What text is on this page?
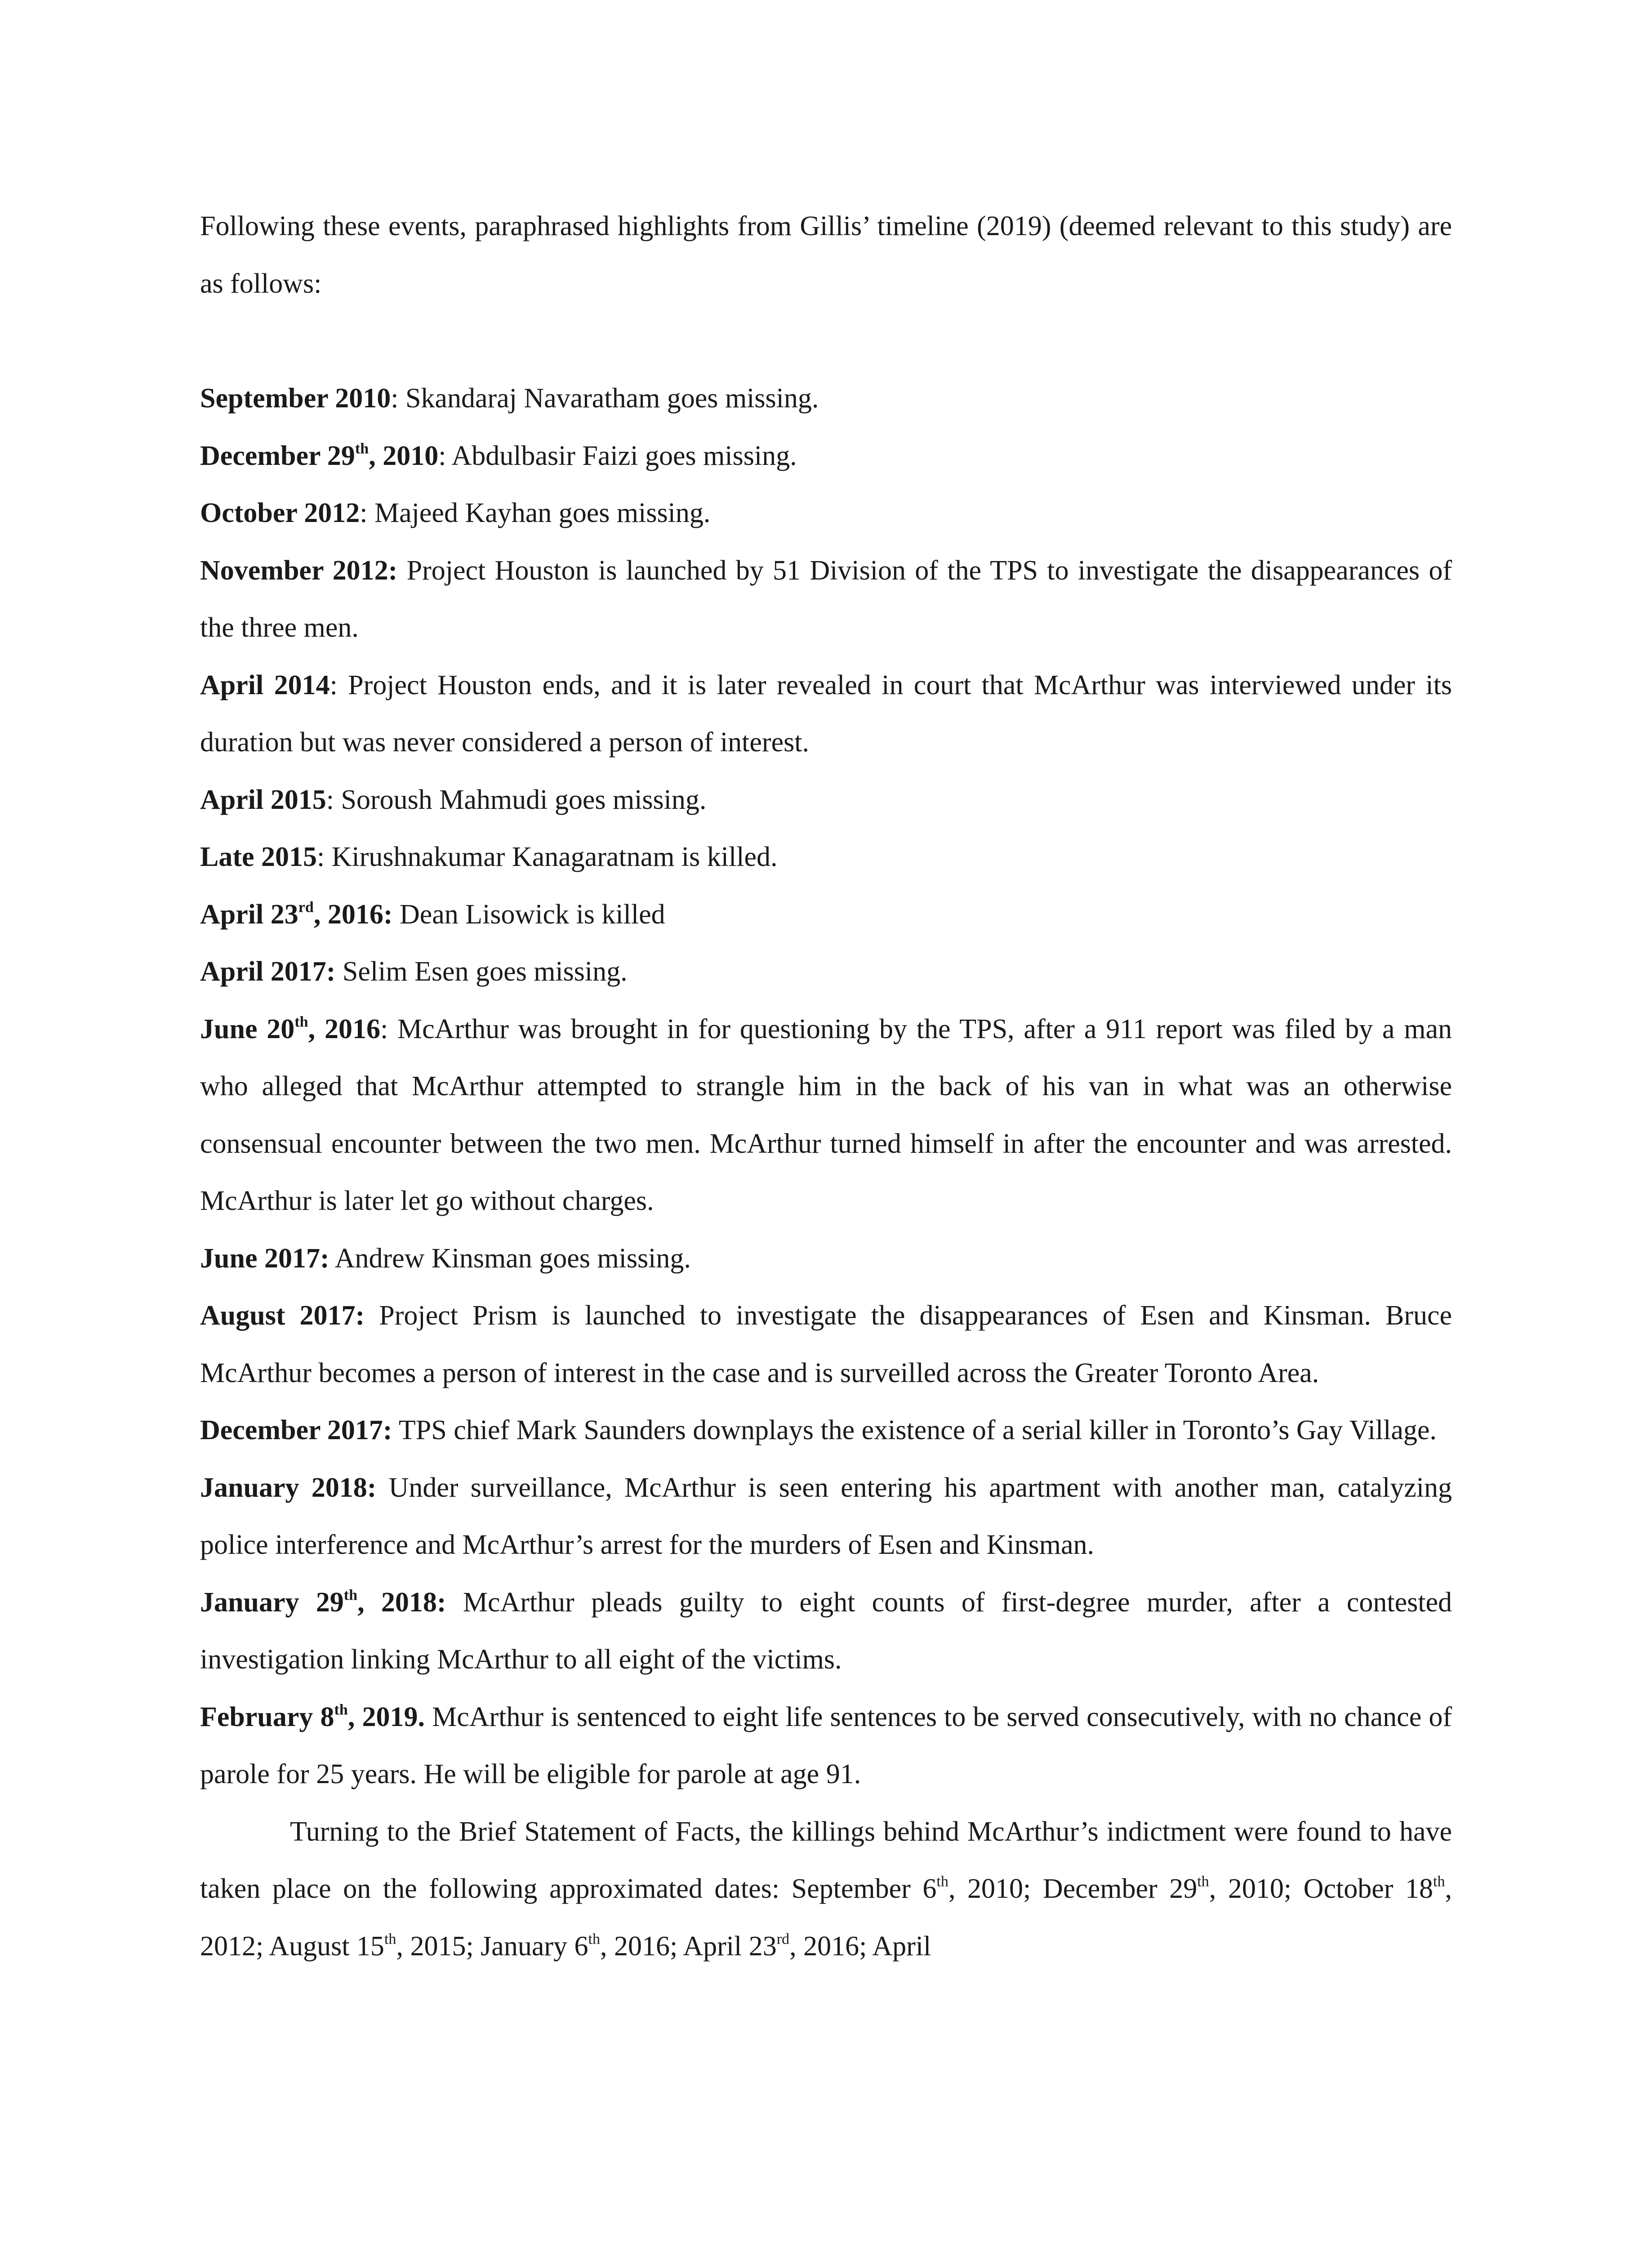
Following these events, paraphrased highlights from Gillis’ timeline (2019) (deemed relevant to this study) are as follows:

September 2010: Skandaraj Navaratham goes missing.

December 29th, 2010: Abdulbasir Faizi goes missing.

October 2012: Majeed Kayhan goes missing.

November 2012: Project Houston is launched by 51 Division of the TPS to investigate the disappearances of the three men.

April 2014: Project Houston ends, and it is later revealed in court that McArthur was interviewed under its duration but was never considered a person of interest.

April 2015: Soroush Mahmudi goes missing.

Late 2015: Kirushnakumar Kanagaratnam is killed.

April 23rd, 2016: Dean Lisowick is killed

April 2017: Selim Esen goes missing.

June 20th, 2016: McArthur was brought in for questioning by the TPS, after a 911 report was filed by a man who alleged that McArthur attempted to strangle him in the back of his van in what was an otherwise consensual encounter between the two men. McArthur turned himself in after the encounter and was arrested. McArthur is later let go without charges.

June 2017: Andrew Kinsman goes missing.

August 2017: Project Prism is launched to investigate the disappearances of Esen and Kinsman. Bruce McArthur becomes a person of interest in the case and is surveilled across the Greater Toronto Area.

December 2017: TPS chief Mark Saunders downplays the existence of a serial killer in Toronto’s Gay Village.

January 2018: Under surveillance, McArthur is seen entering his apartment with another man, catalyzing police interference and McArthur’s arrest for the murders of Esen and Kinsman.

January 29th, 2018: McArthur pleads guilty to eight counts of first-degree murder, after a contested investigation linking McArthur to all eight of the victims.

February 8th, 2019. McArthur is sentenced to eight life sentences to be served consecutively, with no chance of parole for 25 years. He will be eligible for parole at age 91.

Turning to the Brief Statement of Facts, the killings behind McArthur’s indictment were found to have taken place on the following approximated dates: September 6th, 2010; December 29th, 2010; October 18th, 2012; August 15th, 2015; January 6th, 2016; April 23rd, 2016; April
